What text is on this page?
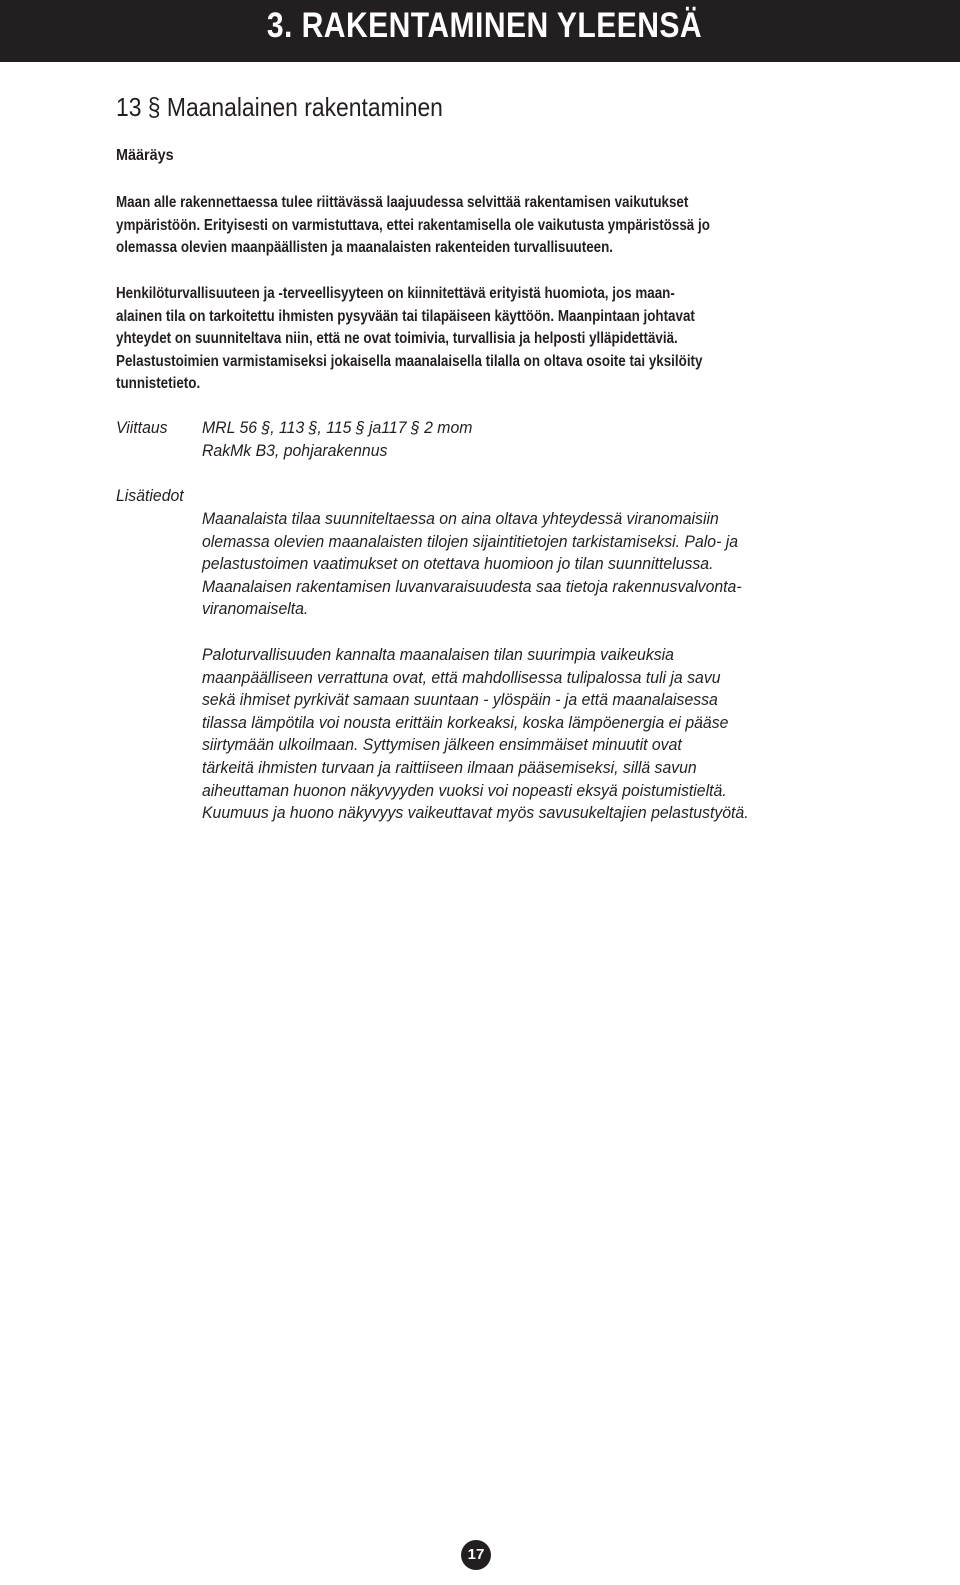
3. RAKENTAMINEN YLEENSÄ
13 § Maanalainen rakentaminen
Määräys
Maan alle rakennettaessa tulee riittävässä laajuudessa selvittää rakentamisen vaikutukset
ympäristöön. Erityisesti on varmistuttava, ettei rakentamisella ole vaikutusta ympäristössä jo
olemassa olevien maanpäällisten ja maanalaisten rakenteiden turvallisuuteen.
Henkilöturvallisuuteen ja -terveellisyyteen on kiinnitettävä erityistä huomiota, jos maan-
alainen tila on tarkoitettu ihmisten pysyvään tai tilapäiseen käyttöön. Maanpintaan johtavat
yhteydet on suunniteltava niin, että ne ovat toimivia, turvallisia ja helposti ylläpidettäviä.
Pelastustoimien varmistamiseksi jokaisella maanalaisella tilalla on oltava osoite tai yksilöity
tunnistetieto.
Viittaus MRL 56 §, 113 §, 115 § ja117 § 2 mom
RakMk B3, pohjarakennus
Lisätiedot
Maanalaista tilaa suunniteltaessa on aina oltava yhteydessä viranomaisiin
olemassa olevien maanalaisten tilojen sijaintitietojen tarkistamiseksi. Palo- ja
pelastustoimen vaatimukset on otettava huomioon jo tilan suunnittelussa.
Maanalaisen rakentamisen luvanvaraisuudesta saa tietoja rakennusvalvonta-
viranomaiselta.
Paloturvallisuuden kannalta maanalaisen tilan suurimpia vaikeuksia
maanpäälliseen verrattuna ovat, että mahdollisessa tulipalossa tuli ja savu
sekä ihmiset pyrkivät samaan suuntaan - ylöspäin - ja että maanalaisessa
tilassa lämpötila voi nousta erittäin korkeaksi, koska lämpöenergia ei pääse
siirtymään ulkoilmaan. Syttymisen jälkeen ensimmäiset minuutit ovat
tärkeitä ihmisten turvaan ja raittiiseen ilmaan pääsemiseksi, sillä savun
aiheuttaman huonon näkyvyyden vuoksi voi nopeasti eksyä poistumistieltä.
Kuumuus ja huono näkyvyys vaikeuttavat myös savusukeltajien pelastustyötä.
17
